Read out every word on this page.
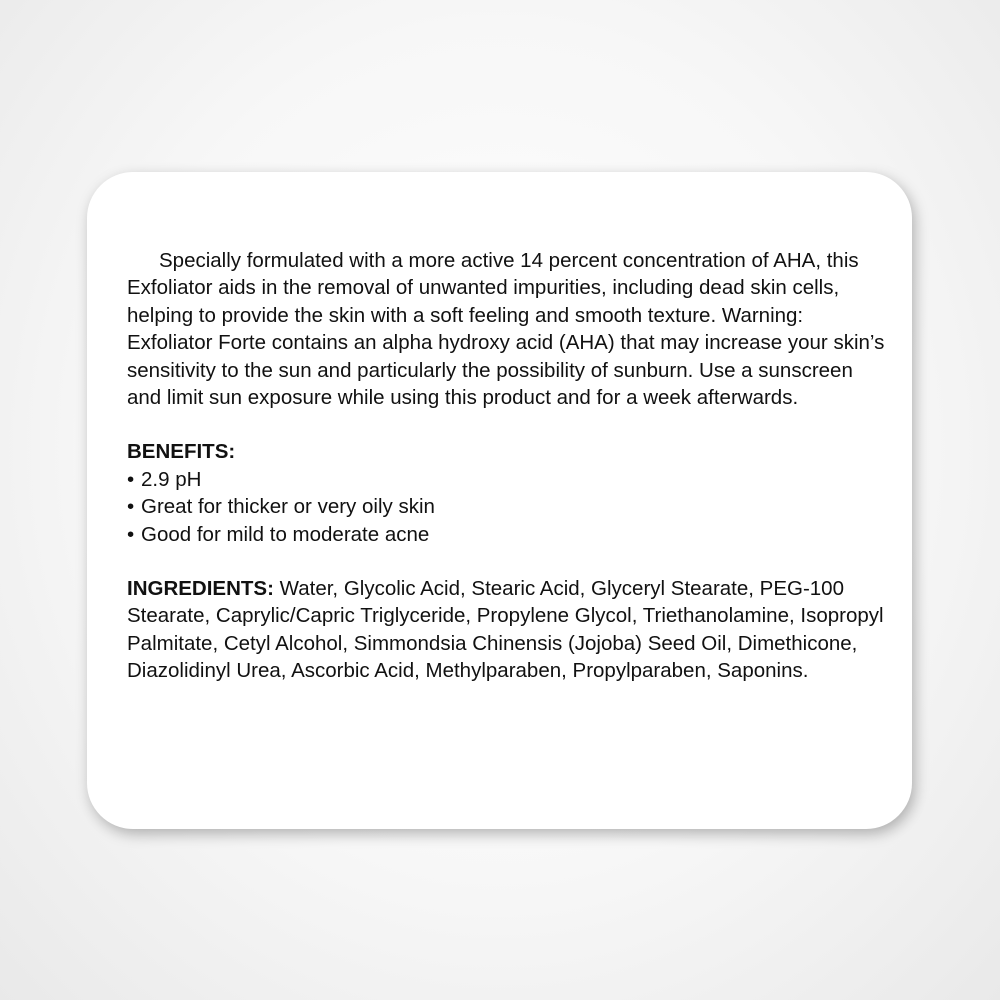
Specially formulated with a more active 14 percent concentration of AHA, this Exfoliator aids in the removal of unwanted impurities, including dead skin cells, helping to provide the skin with a soft feeling and smooth texture. Warning: Exfoliator Forte contains an alpha hydroxy acid (AHA) that may increase your skin’s sensitivity to the sun and particularly the possibility of sunburn. Use a sunscreen and limit sun exposure while using this product and for a week afterwards.

BENEFITS:

• 2.9 pH
• Great for thicker or very oily skin
• Good for mild to moderate acne

INGREDIENTS: Water, Glycolic Acid, Stearic Acid, Glyceryl Stearate, PEG-100 Stearate, Caprylic/Capric Triglyceride, Propylene Glycol, Triethanolamine, Isopropyl Palmitate, Cetyl Alcohol, Simmondsia Chinensis (Jojoba) Seed Oil, Dimethicone, Diazolidinyl Urea, Ascorbic Acid, Methylparaben, Propylparaben, Saponins.
